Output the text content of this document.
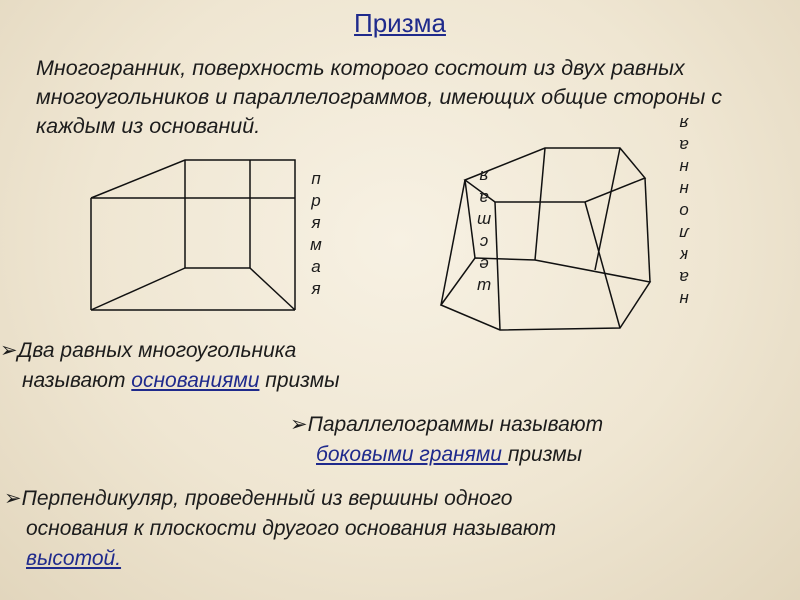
Призма
Многогранник, поверхность которого состоит из двух равных многоугольников и параллелограммов, имеющих общие стороны с каждым из оснований.
п
р
я
м
а
я	ш
е
с
т
а
я
н
а
к
л
о
н
н
а
я
➢Два равных многоугольника
называют основаниями призмы
➢Параллелограммы называют
боковыми гранями призмы
➢Перпендикуляр, проведенный из вершины одного
основания к плоскости другого основания называют
высотой.
